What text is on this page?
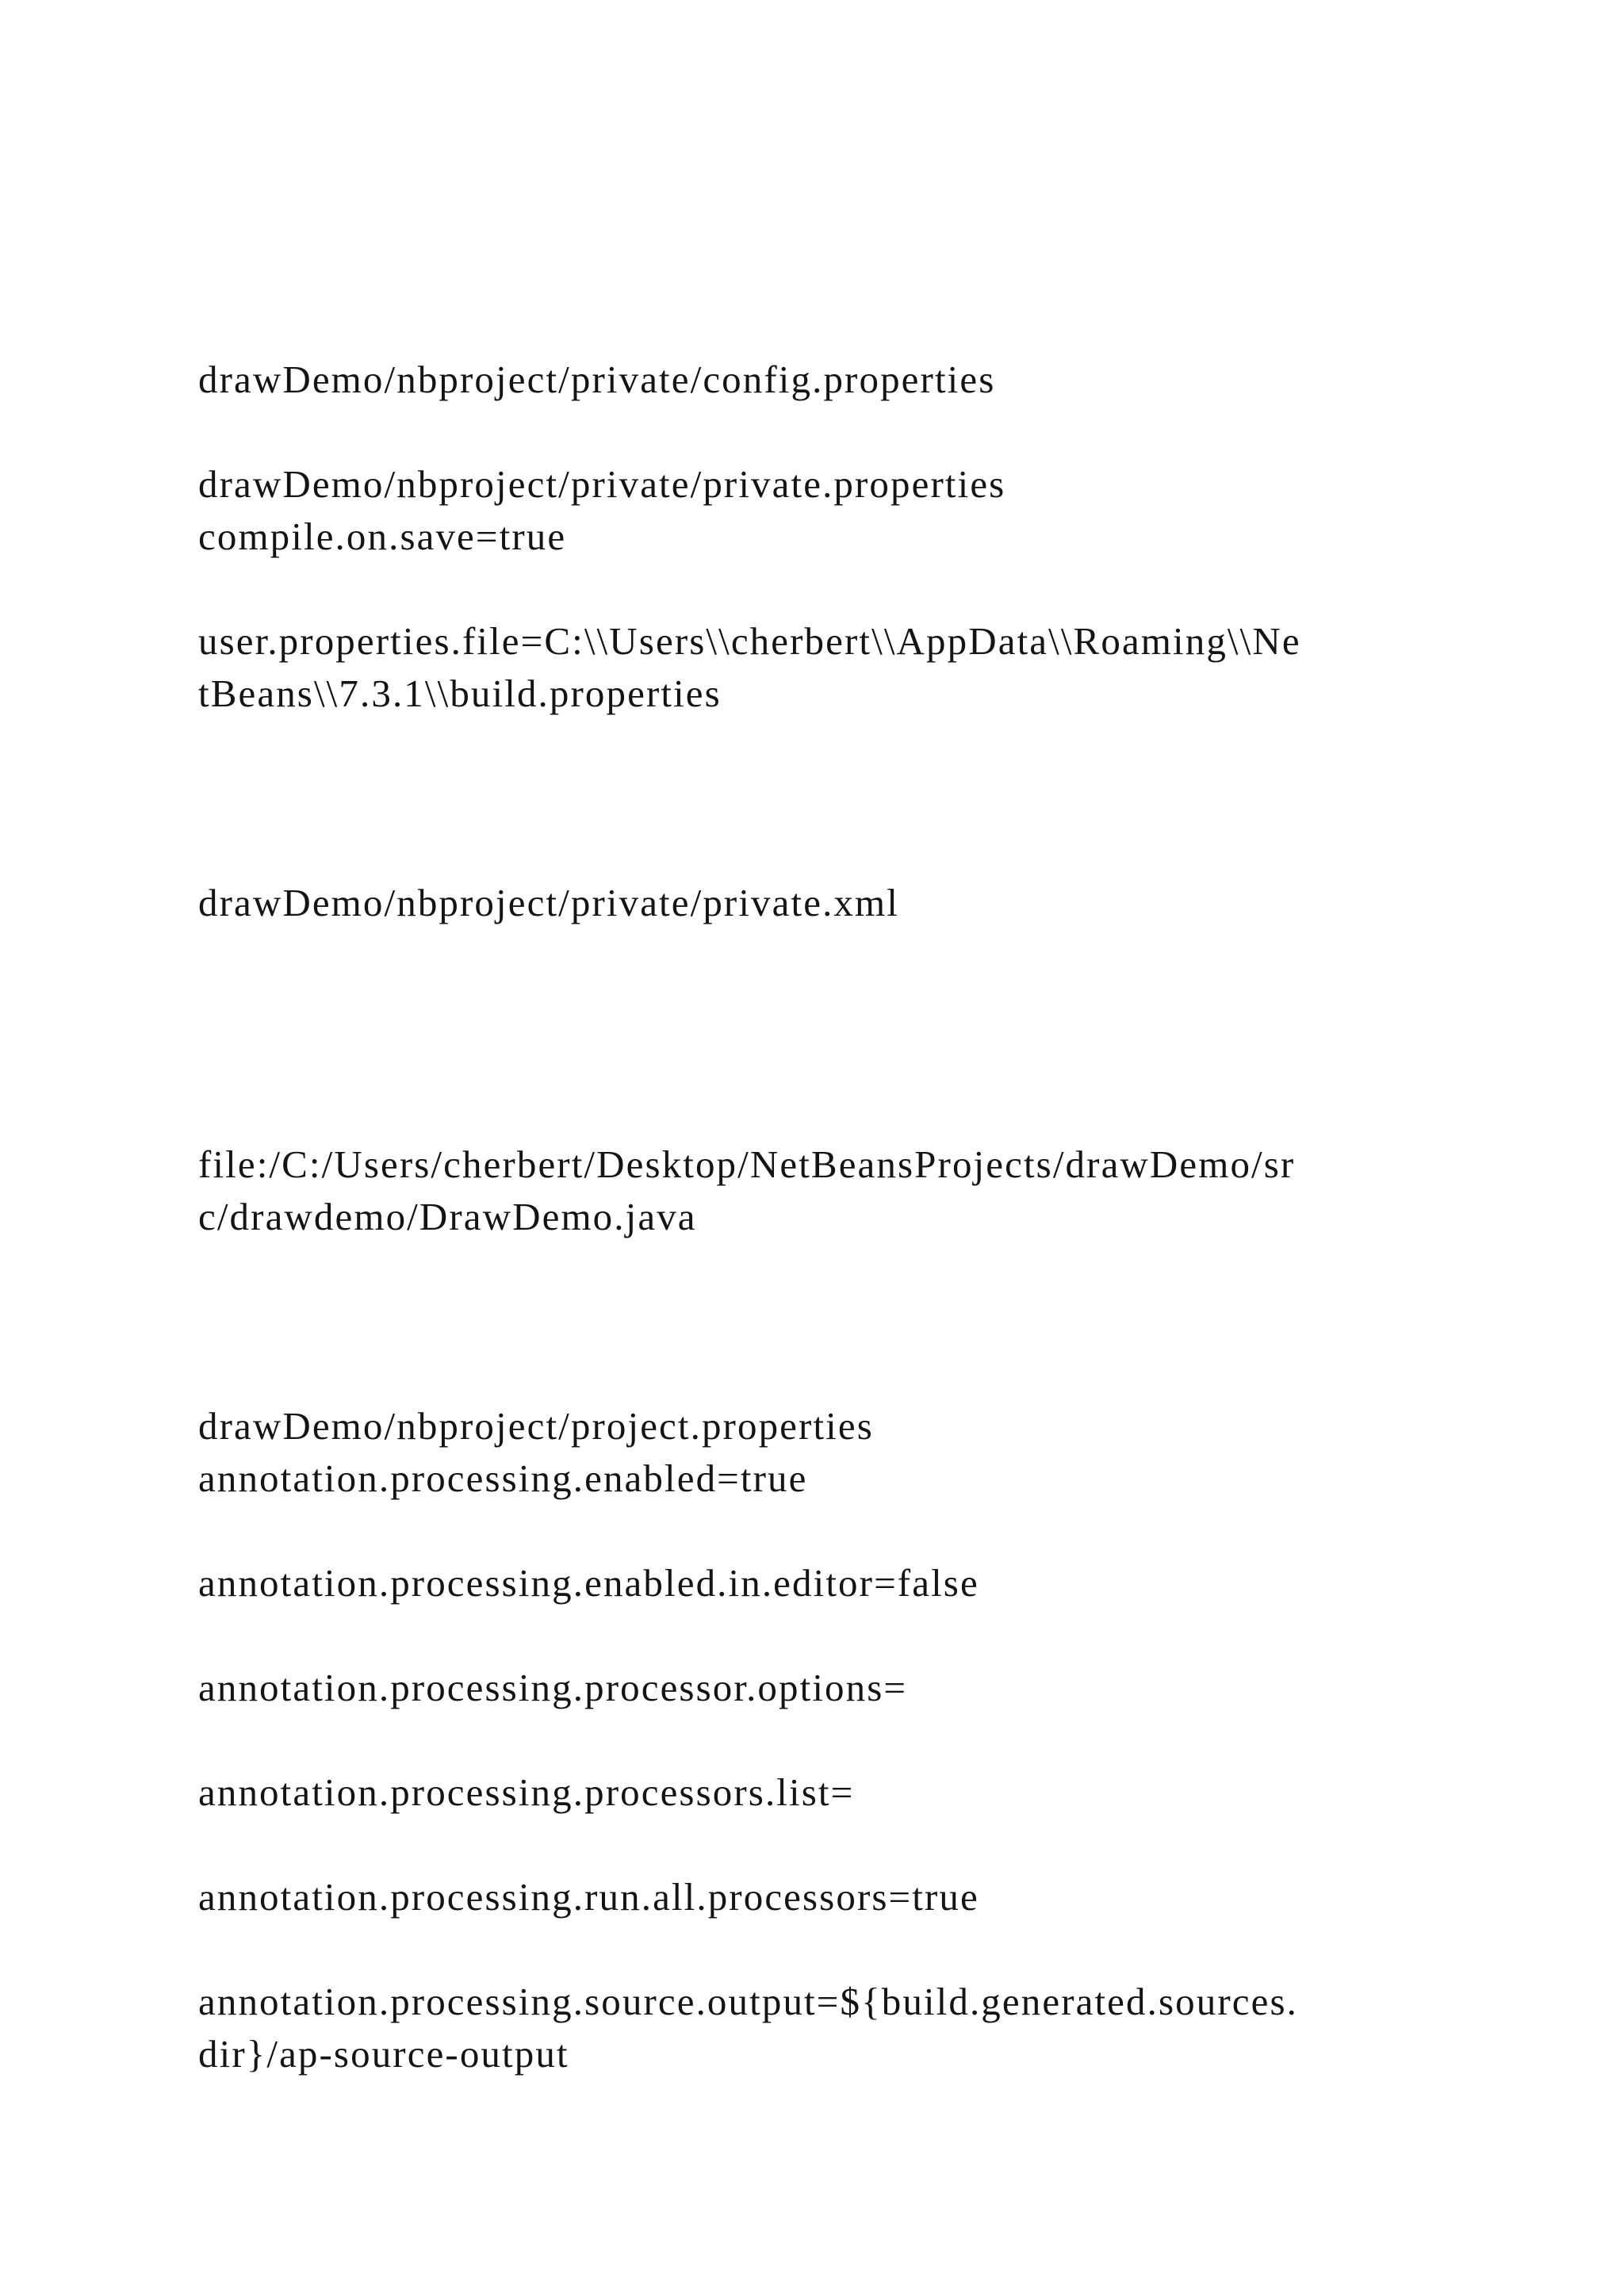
drawDemo/nbproject/private/config.properties

drawDemo/nbproject/private/private.properties

compile.on.save=true

user.properties.file=C:\\Users\\cherbert\\AppData\\Roaming\\Ne

tBeans\\7.3.1\\build.properties

drawDemo/nbproject/private/private.xml

file:/C:/Users/cherbert/Desktop/NetBeansProjects/drawDemo/sr

c/drawdemo/DrawDemo.java

drawDemo/nbproject/project.properties

annotation.processing.enabled=true

annotation.processing.enabled.in.editor=false

annotation.processing.processor.options=

annotation.processing.processors.list=

annotation.processing.run.all.processors=true

annotation.processing.source.output=${build.generated.sources.

dir}/ap-source-output
